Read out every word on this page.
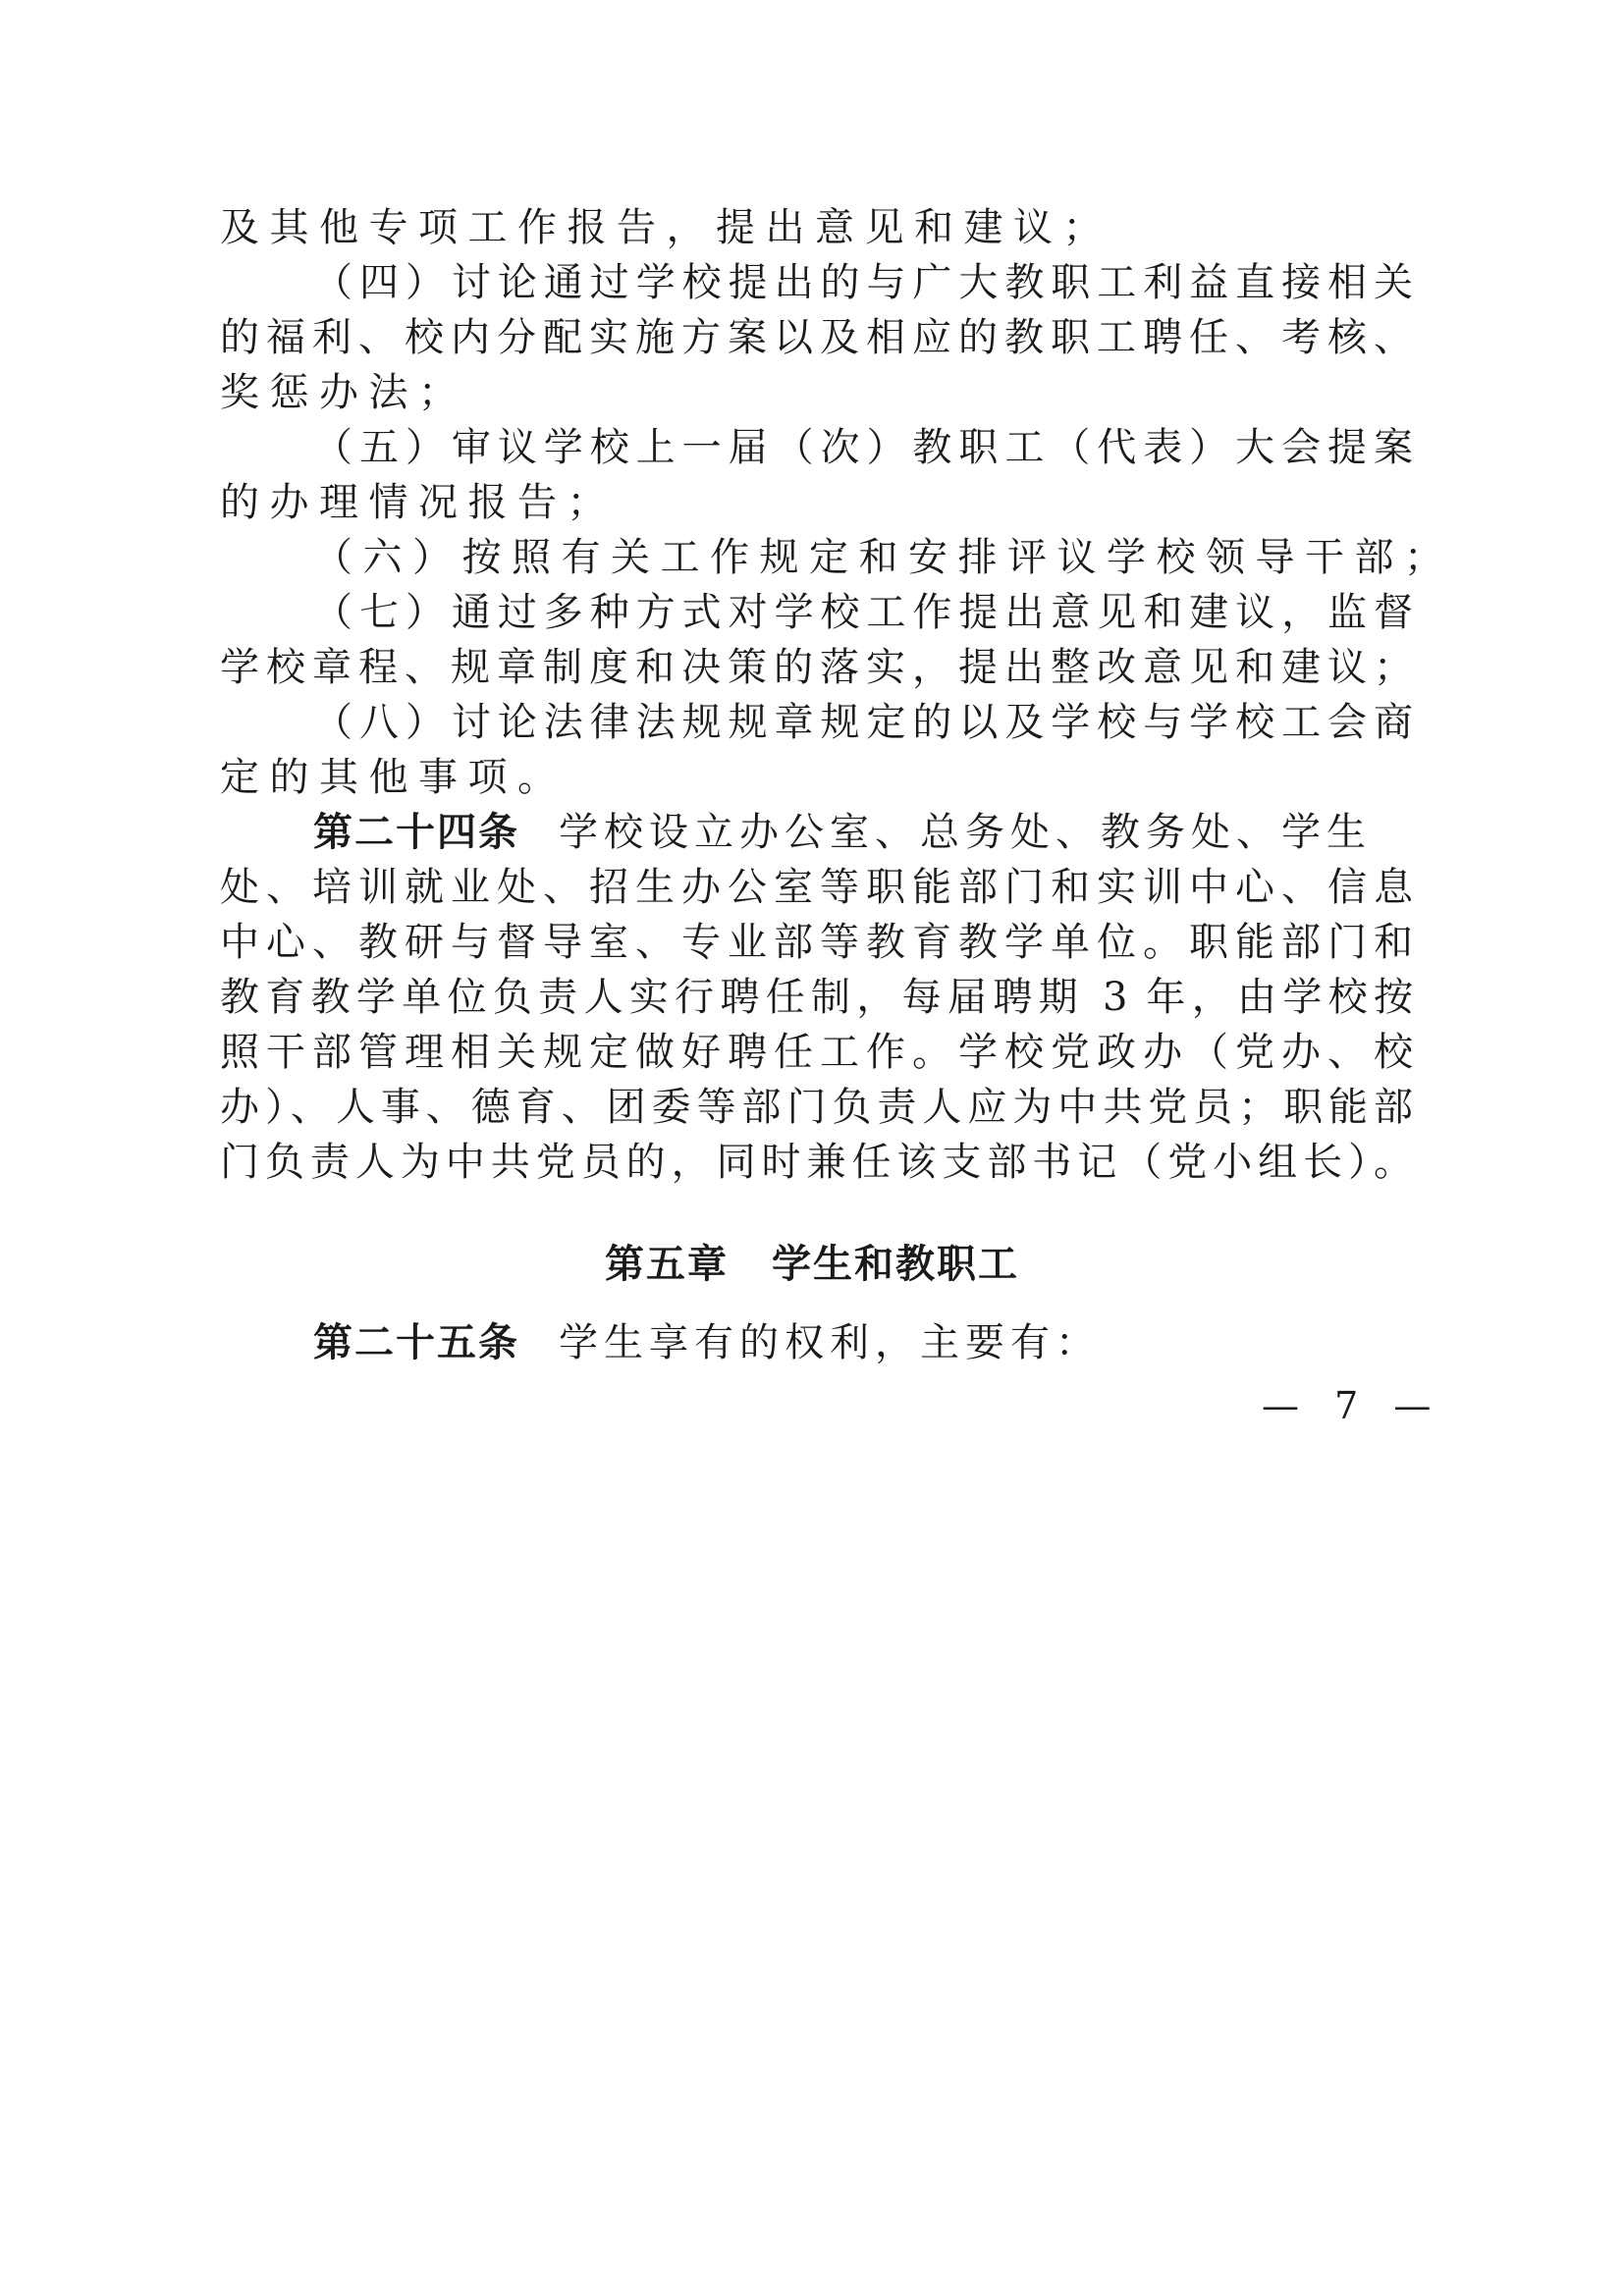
及其他专项工作报告，提出意见和建议；
（四）讨论通过学校提出的与广大教职工利益直接相关
的福利、校内分配实施方案以及相应的教职工聘任、考核、
奖惩办法；
（五）审议学校上一届（次）教职工（代表）大会提案
的办理情况报告；
（六）按照有关工作规定和安排评议学校领导干部；
（七）通过多种方式对学校工作提出意见和建议，监督
学校章程、规章制度和决策的落实，提出整改意见和建议；
（八）讨论法律法规规章规定的以及学校与学校工会商
定的其他事项。
第二十四条 学校设立办公室、总务处、教务处、学生
处、培训就业处、招生办公室等职能部门和实训中心、信息
中心、教研与督导室、专业部等教育教学单位。职能部门和
教育教学单位负责人实行聘任制，每届聘期 3 年，由学校按
照干部管理相关规定做好聘任工作。学校党政办（党办、校
办）、人事、德育、团委等部门负责人应为中共党员；职能部
门负责人为中共党员的，同时兼任该支部书记（党小组长）。
第五章 学生和教职工
第二十五条 学生享有的权利，主要有：
— 7 —
